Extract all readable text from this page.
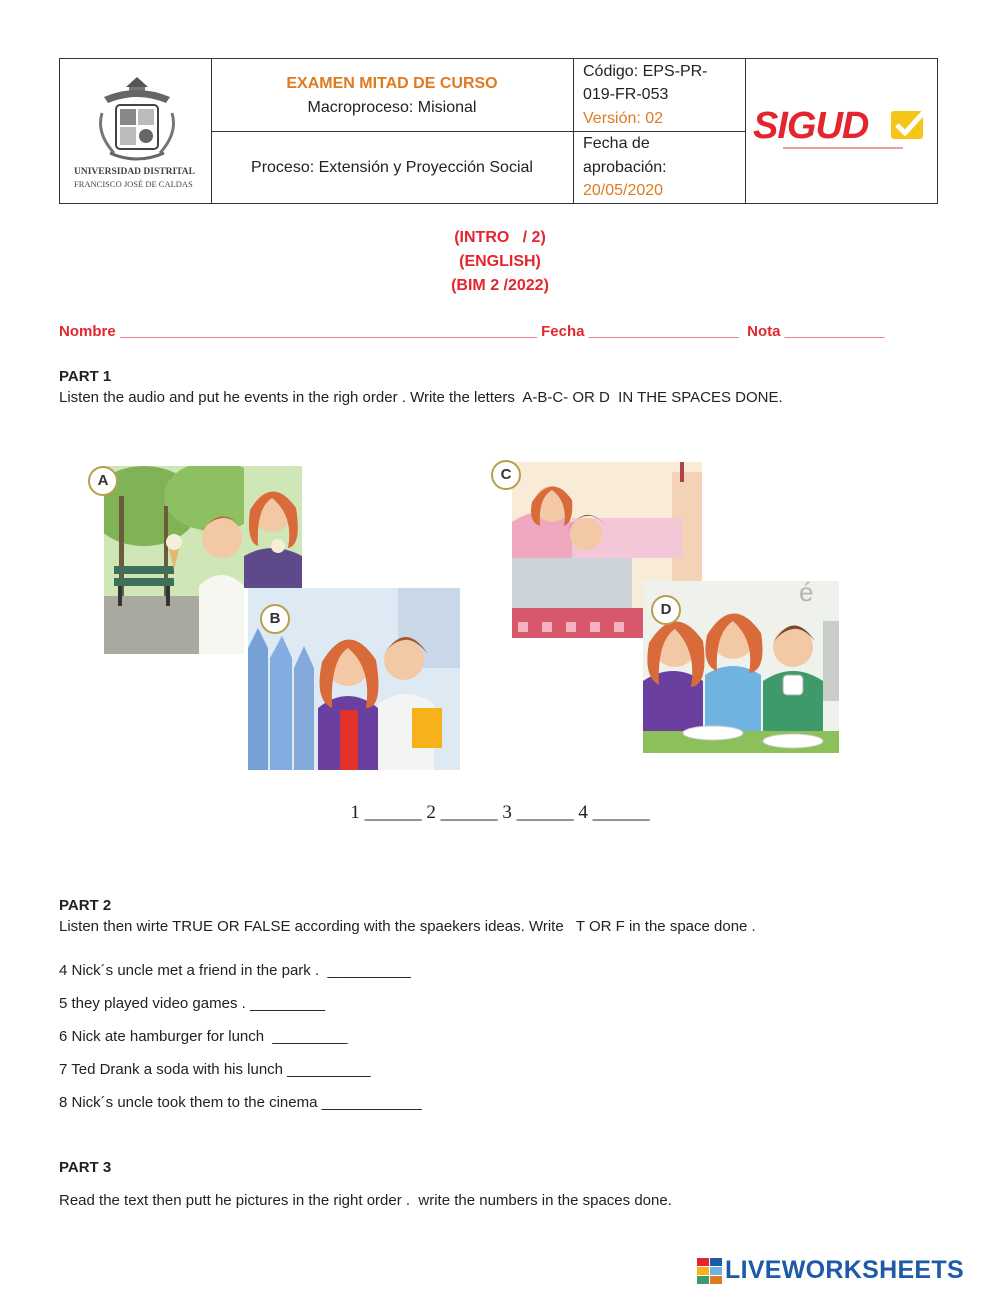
UNIVERSIDAD DISTRITAL
FRANCISCO JOSÉ DE CALDAS
EXAMEN MITAD DE CURSO
Macroproceso: Misional
Proceso: Extensión y Proyección Social
Código: EPS-PR-
019-FR-053
Versión: 02
Fecha de
aprobación:
20/05/2020
SIGUD
(INTRO   / 2)
(ENGLISH)
(BIM 2 /2022)
Nombre __________________________________________________ Fecha __________________  Nota ____________
PART 1
Listen the audio and put he events in the righ order . Write the letters  A-B-C- OR D  IN THE SPACES DONE.
A
B
C
é
D
1 ______ 2 ______ 3 ______ 4 ______
PART 2
Listen then wirte TRUE OR FALSE according with the spaekers ideas. Write   T OR F in the space done .
4 Nick´s uncle met a friend in the park .  __________
5 they played video games . _________
6 Nick ate hamburger for lunch  _________
7 Ted Drank a soda with his lunch __________
8 Nick´s uncle took them to the cinema ____________
PART 3
Read the text then putt he pictures in the right order .  write the numbers in the spaces done.
LIVEWORKSHEETS
